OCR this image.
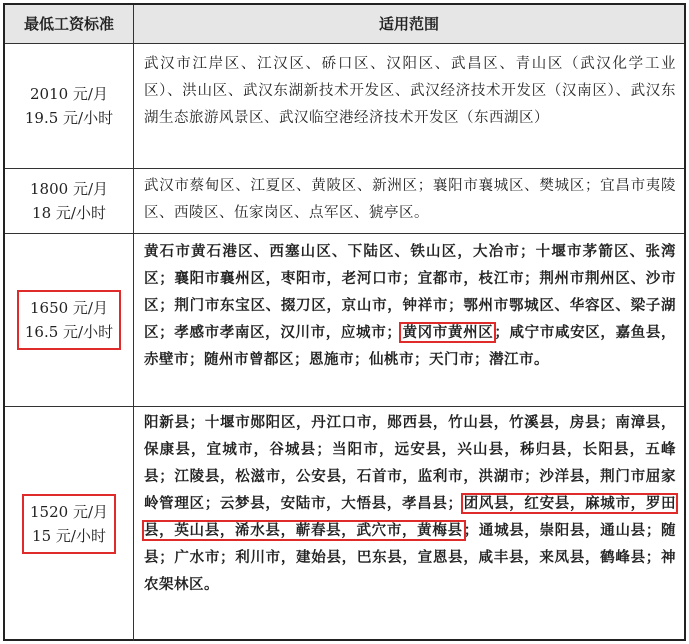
最低工资标准	适用范围
2010 元/月
19.5 元/小时
武汉市江岸区、江汉区、硚口区、汉阳区、武昌区、青山区（武汉化学工业区）、洪山区、武汉东湖新技术开发区、武汉经济技术开发区（汉南区）、武汉东湖生态旅游风景区、武汉临空港经济技术开发区（东西湖区）
1800 元/月
18 元/小时
武汉市蔡甸区、江夏区、黄陂区、新洲区；襄阳市襄城区、樊城区；宜昌市夷陵区、西陵区、伍家岗区、点军区、猇亭区。
1650 元/月
16.5 元/小时
黄石市黄石港区、西塞山区、下陆区、铁山区，大冶市；十堰市茅箭区、张湾区；襄阳市襄州区，枣阳市，老河口市；宜都市，枝江市；荆州市荆州区、沙市区；荆门市东宝区、掇刀区，京山市，钟祥市；鄂州市鄂城区、华容区、梁子湖区；孝感市孝南区，汉川市，应城市；黄冈市黄州区；咸宁市咸安区，嘉鱼县，赤壁市；随州市曾都区；恩施市；仙桃市；天门市；潜江市。
1520 元/月
15 元/小时
阳新县；十堰市郧阳区，丹江口市，郧西县，竹山县，竹溪县，房县；南漳县，保康县，宜城市，谷城县；当阳市，远安县，兴山县，秭归县，长阳县，五峰县；江陵县，松滋市，公安县，石首市，监利市，洪湖市；沙洋县，荆门市屈家岭管理区；云梦县，安陆市，大悟县，孝昌县；团风县，红安县，麻城市，罗田县，英山县，浠水县，蕲春县，武穴市，黄梅县；通城县，崇阳县，通山县；随县；广水市；利川市，建始县，巴东县，宣恩县，咸丰县，来凤县，鹤峰县；神农架林区。
